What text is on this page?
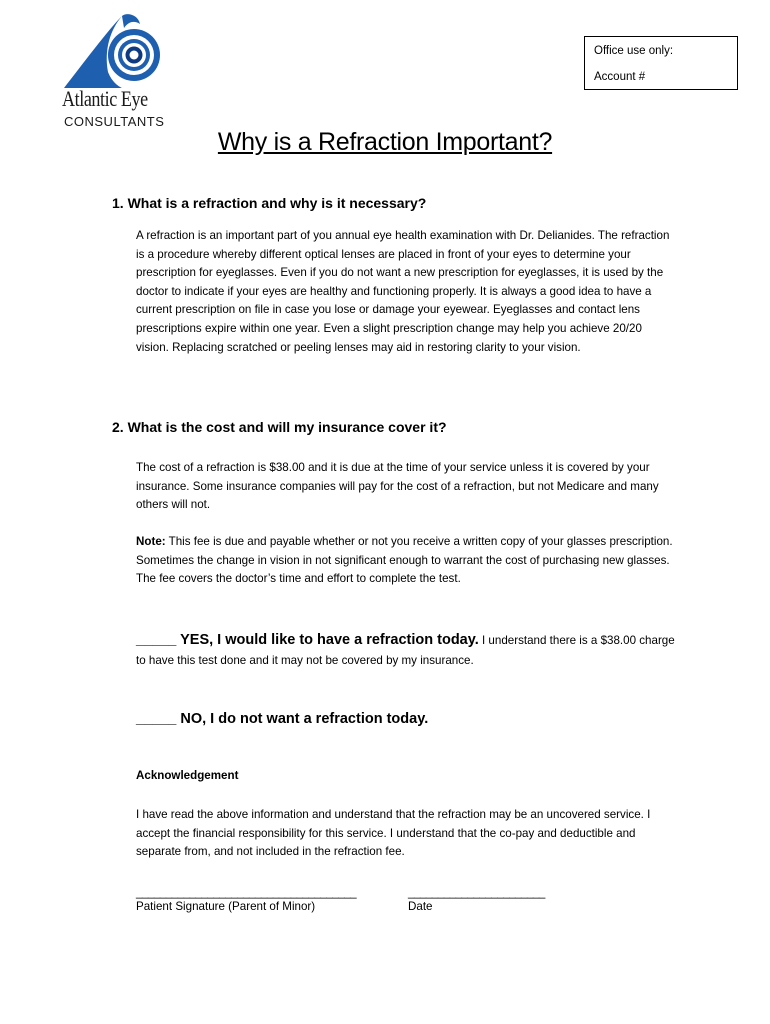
Atlantic Eye
CONSULTANTS
Office use only:
Account #
Why is a Refraction Important?
1. What is a refraction and why is it necessary?
A refraction is an important part of you annual eye health examination with Dr. Delianides. The refraction is a procedure whereby different optical lenses are placed in front of your eyes to determine your prescription for eyeglasses. Even if you do not want a new prescription for eyeglasses, it is used by the doctor to indicate if your eyes are healthy and functioning properly. It is always a good idea to have a current prescription on file in case you lose or damage your eyewear. Eyeglasses and contact lens prescriptions expire within one year. Even a slight prescription change may help you achieve 20/20 vision. Replacing scratched or peeling lenses may aid in restoring clarity to your vision.
2. What is the cost and will my insurance cover it?
The cost of a refraction is $38.00 and it is due at the time of your service unless it is covered by your insurance. Some insurance companies will pay for the cost of a refraction, but not Medicare and many others will not.
Note: This fee is due and payable whether or not you receive a written copy of your glasses prescription. Sometimes the change in vision in not significant enough to warrant the cost of purchasing new glasses. The fee covers the doctor’s time and effort to complete the test.
_____ YES, I would like to have a refraction today. I understand there is a $38.00 charge to have this test done and it may not be covered by my insurance.
_____ NO, I do not want a refraction today.
Acknowledgement
I have read the above information and understand that the refraction may be an uncovered service. I accept the financial responsibility for this service. I understand that the co-pay and deductible and separate from, and not included in the refraction fee.
_____________________________________
Patient Signature (Parent of Minor)
_______________________
Date
